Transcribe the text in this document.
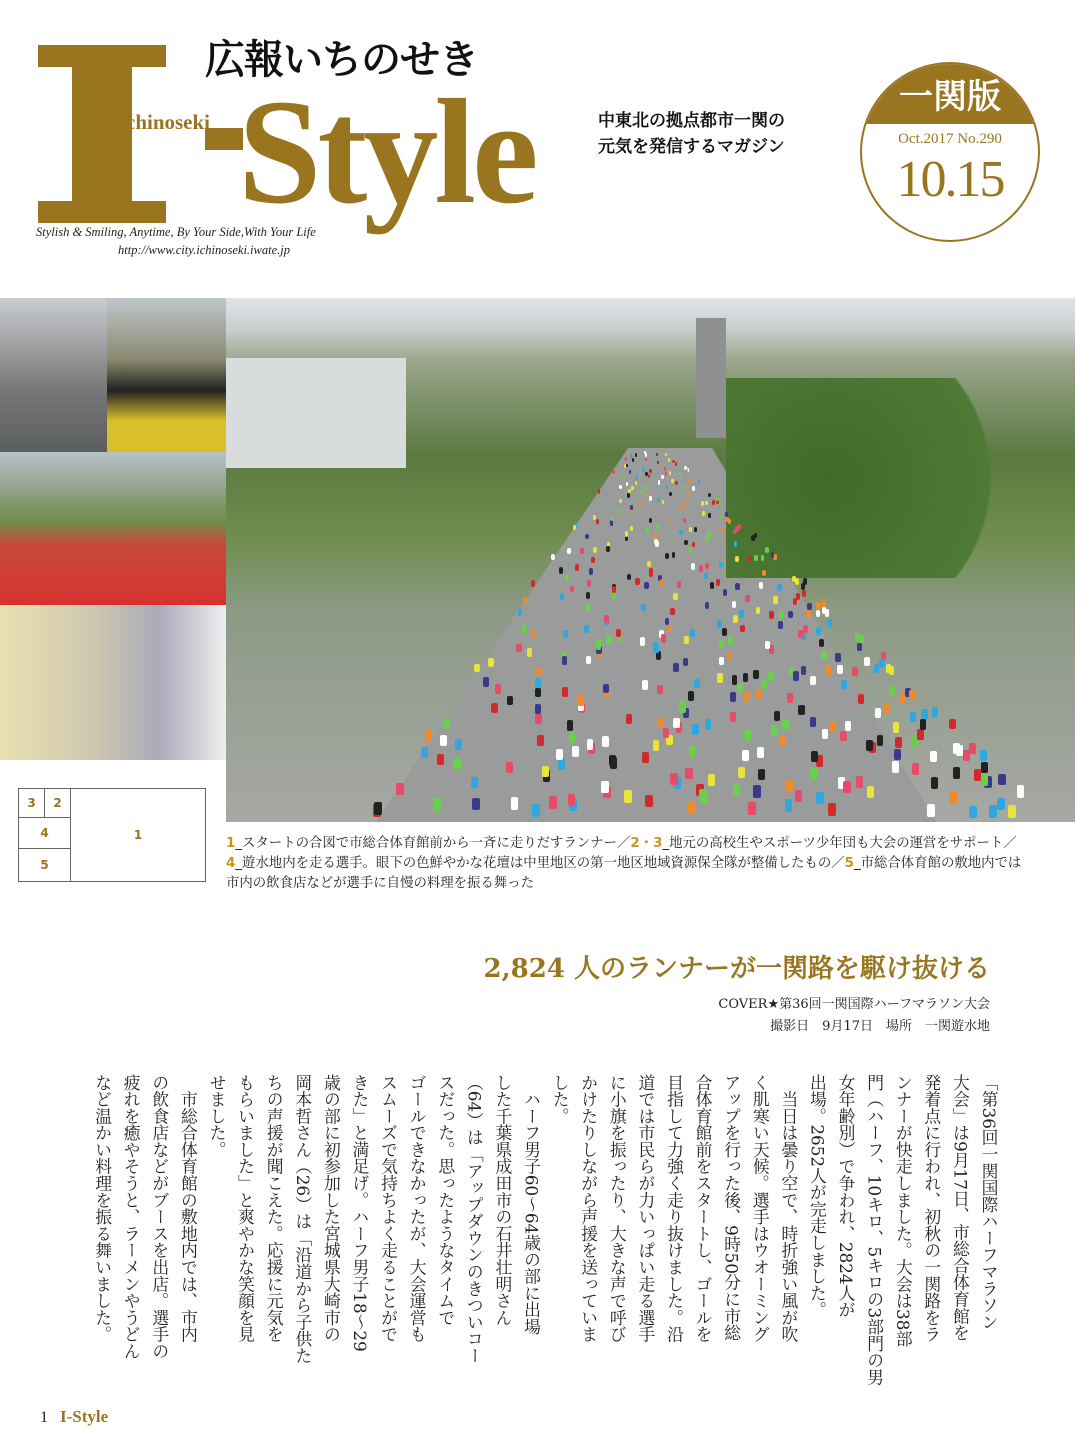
Style
chinoseki
広報いちのせき
Stylish & Smiling, Anytime, By Your Side,With Your Life
http://www.city.ichinoseki.iwate.jp
中東北の拠点都市一関の
元気を発信するマガジン
一関版
Oct.2017 No.290
10.15
3	2
4
5
1
1_スタートの合図で市総合体育館前から一斉に走りだすランナー／2・3_地元の高校生やスポーツ少年団も大会の運営をサポート／4_遊水地内を走る選手。眼下の色鮮やかな花壇は中里地区の第一地区地域資源保全隊が整備したもの／5_市総合体育館の敷地内では市内の飲食店などが選手に自慢の料理を振る舞った
2,824 人のランナーが一関路を駆け抜ける
COVER★第36回一関国際ハーフマラソン大会
撮影日　9月17日　場所　一関遊水地
「第36回一関国際ハーフマラソン
大会」は9月17日、市総合体育館を
発着点に行われ、初秋の一関路をラ
ンナーが快走しました。大会は38部
門（ハーフ、10キロ、5キロの3部門の男
女年齢別）で争われ、2824人が
出場。2652人が完走しました。
　当日は曇り空で、時折強い風が吹
く肌寒い天候。選手はウオーミング
アップを行った後、9時50分に市総
合体育館前をスタートし、ゴールを
目指して力強く走り抜けました。沿
道では市民らが力いっぱい走る選手
に小旗を振ったり、大きな声で呼び
かけたりしながら声援を送っていま
した。
　ハーフ男子60～64歳の部に出場
した千葉県成田市の石井壮明さん
（64）は「アップダウンのきついコー
スだった。思ったようなタイムで
ゴールできなかったが、大会運営も
スムーズで気持ちよく走ることがで
きた」と満足げ。ハーフ男子18～29
歳の部に初参加した宮城県大崎市の
岡本哲さん（26）は「沿道から子供た
ちの声援が聞こえた。応援に元気を
もらいました」と爽やかな笑顔を見
せました。
　市総合体育館の敷地内では、市内
の飲食店などがブースを出店。選手の
疲れを癒やそうと、ラーメンやうどん
など温かい料理を振る舞いました。
1 I-Style
